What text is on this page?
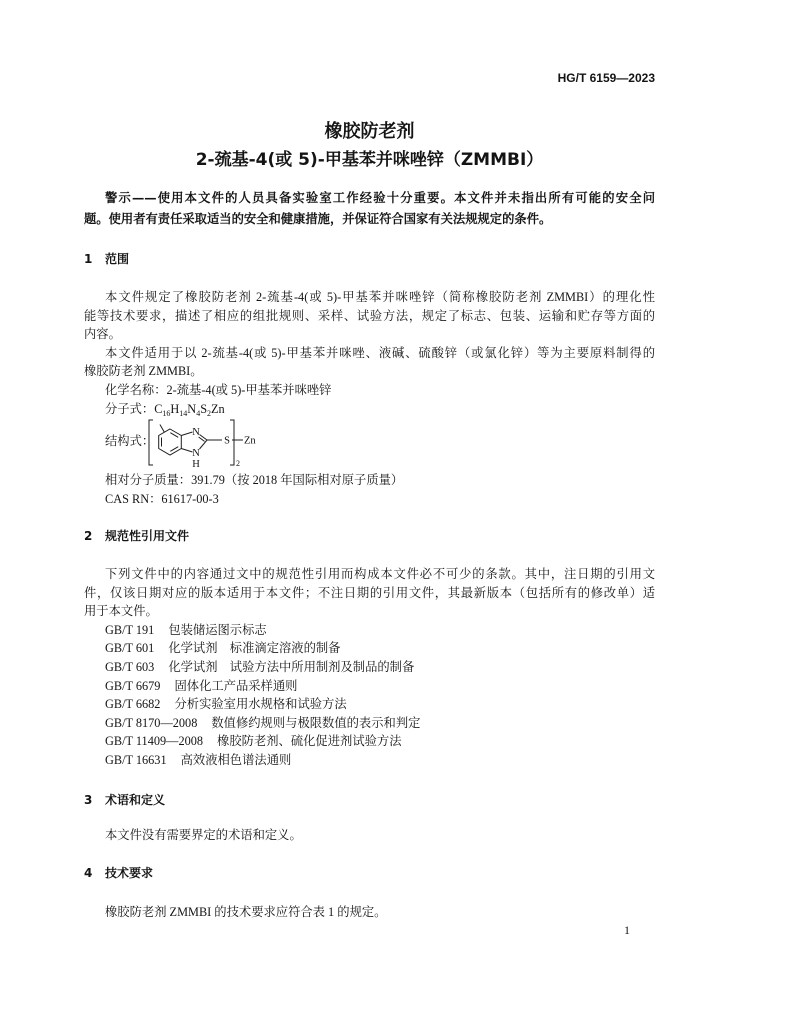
HG/T 6159—2023
橡胶防老剂
2-巯基-4(或 5)-甲基苯并咪唑锌（ZMMBI）
警示——使用本文件的人员具备实验室工作经验十分重要。本文件并未指出所有可能的安全问
题。使用者有责任采取适当的安全和健康措施，并保证符合国家有关法规规定的条件。
1 范围
本文件规定了橡胶防老剂 2-巯基-4(或 5)-甲基苯并咪唑锌（简称橡胶防老剂 ZMMBI）的理化性
能等技术要求，描述了相应的组批规则、采样、试验方法，规定了标志、包装、运输和贮存等方面的
内容。
本文件适用于以 2-巯基-4(或 5)-甲基苯并咪唑、液碱、硫酸锌（或氯化锌）等为主要原料制得的
橡胶防老剂 ZMMBI。
化学名称：2-巯基-4(或 5)-甲基苯并咪唑锌
分子式：$C_{16}H_{14}N_4S_2Zn$
结构式：
N
N
H
S Zn
2
相对分子质量：391.79（按 2018 年国际相对原子质量）
CAS RN：61617-00-3
2 规范性引用文件
下列文件中的内容通过文中的规范性引用而构成本文件必不可少的条款。其中，注日期的引用文
件，仅该日期对应的版本适用于本文件；不注日期的引用文件，其最新版本（包括所有的修改单）适
用于本文件。
GB/T 191 包装储运图示标志
GB/T 601 化学试剂　标准滴定溶液的制备
GB/T 603 化学试剂　试验方法中所用制剂及制品的制备
GB/T 6679 固体化工产品采样通则
GB/T 6682 分析实验室用水规格和试验方法
GB/T 8170—2008 数值修约规则与极限数值的表示和判定
GB/T 11409—2008 橡胶防老剂、硫化促进剂试验方法
GB/T 16631 高效液相色谱法通则
3 术语和定义
本文件没有需要界定的术语和定义。
4 技术要求
橡胶防老剂 ZMMBI 的技术要求应符合表 1 的规定。
1
